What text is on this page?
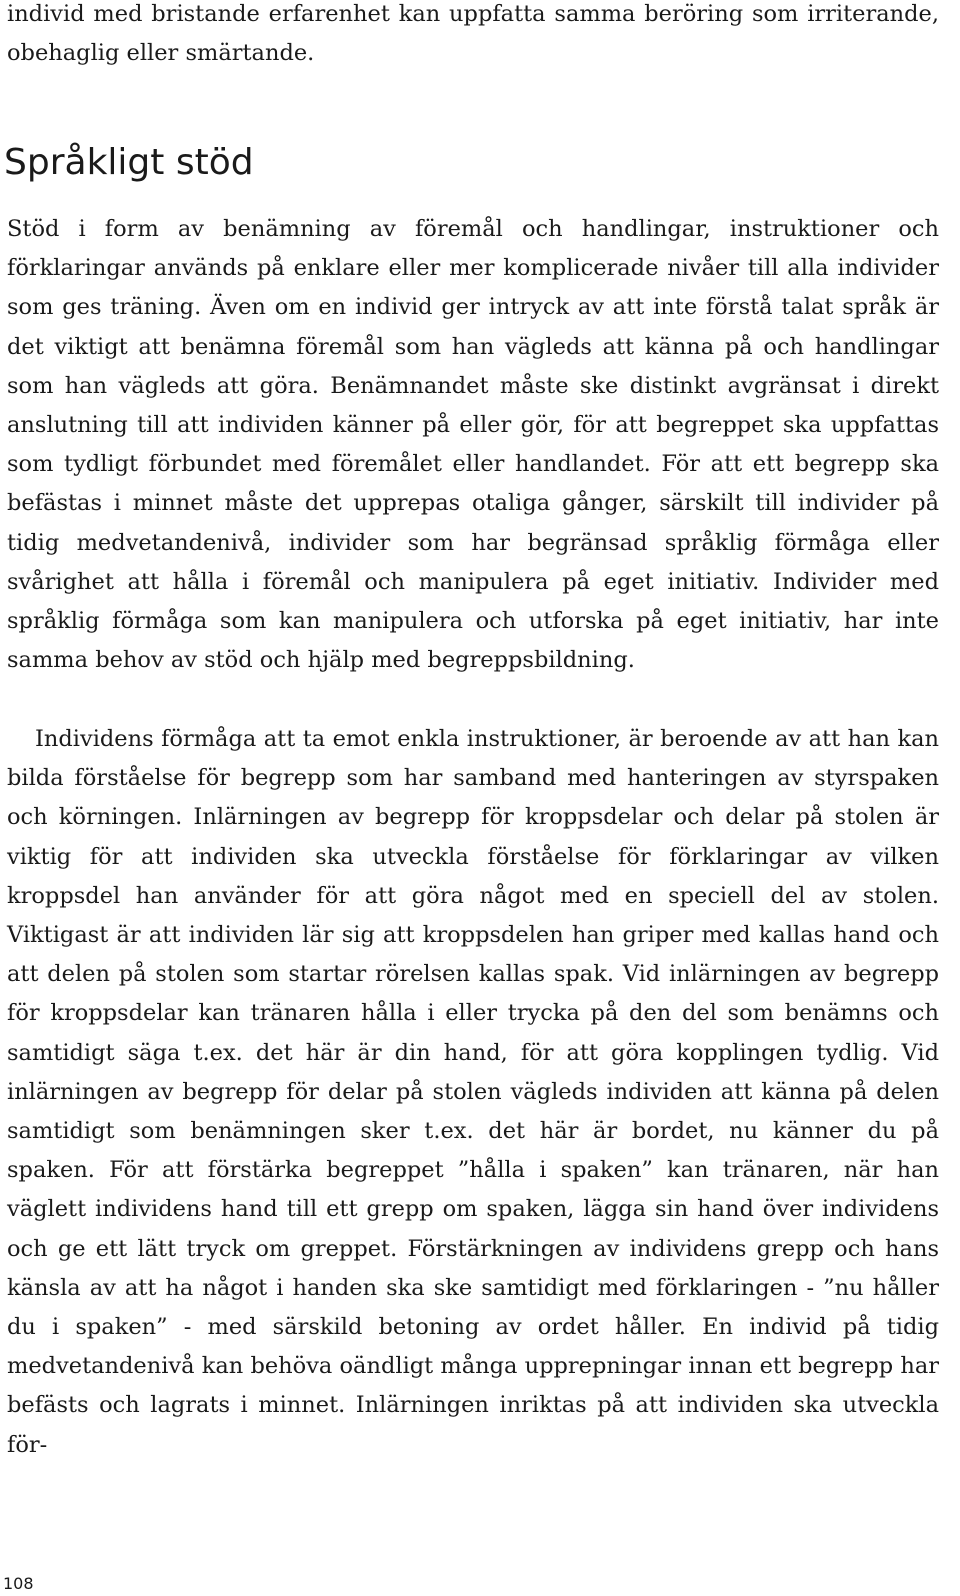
individ med bristande erfarenhet kan uppfatta samma beröring som irriterande, obehaglig eller smärtande.

Språkligt stöd

Stöd i form av benämning av föremål och handlingar, instruktioner och förklaringar används på enklare eller mer komplicerade nivåer till alla individer som ges träning. Även om en individ ger intryck av att inte förstå talat språk är det viktigt att benämna föremål som han vägleds att känna på och handlingar som han vägleds att göra. Benämnandet måste ske distinkt avgränsat i direkt anslutning till att individen känner på eller gör, för att begreppet ska uppfattas som tydligt förbundet med föremålet eller handlandet. För att ett begrepp ska befästas i minnet måste det upprepas otaliga gånger, särskilt till individer på tidig medvetandenivå, individer som har begränsad språklig förmåga eller svårighet att hålla i föremål och manipulera på eget initiativ. Individer med språklig förmåga som kan manipulera och utforska på eget initiativ, har inte samma behov av stöd och hjälp med begreppsbildning.

Individens förmåga att ta emot enkla instruktioner, är beroende av att han kan bilda förståelse för begrepp som har samband med hanteringen av styrspaken och körningen. Inlärningen av begrepp för kroppsdelar och delar på stolen är viktig för att individen ska utveckla förståelse för förklaringar av vilken kroppsdel han använder för att göra något med en speciell del av stolen. Viktigast är att individen lär sig att kroppsdelen han griper med kallas hand och att delen på stolen som startar rörelsen kallas spak. Vid inlärningen av begrepp för kroppsdelar kan tränaren hålla i eller trycka på den del som benämns och samtidigt säga t.ex. det här är din hand, för att göra kopplingen tydlig. Vid inlärningen av begrepp för delar på stolen vägleds individen att känna på delen samtidigt som benämningen sker t.ex. det här är bordet, nu känner du på spaken. För att förstärka begreppet ”hålla i spaken” kan tränaren, när han väglett individens hand till ett grepp om spaken, lägga sin hand över individens och ge ett lätt tryck om greppet. Förstärkningen av individens grepp och hans känsla av att ha något i handen ska ske samtidigt med förklaringen - ”nu håller du i spaken” - med särskild betoning av ordet håller. En individ på tidig medvetandenivå kan behöva oändligt många upprepningar innan ett begrepp har befästs och lagrats i minnet. Inlärningen inriktas på att individen ska utveckla för-

108
